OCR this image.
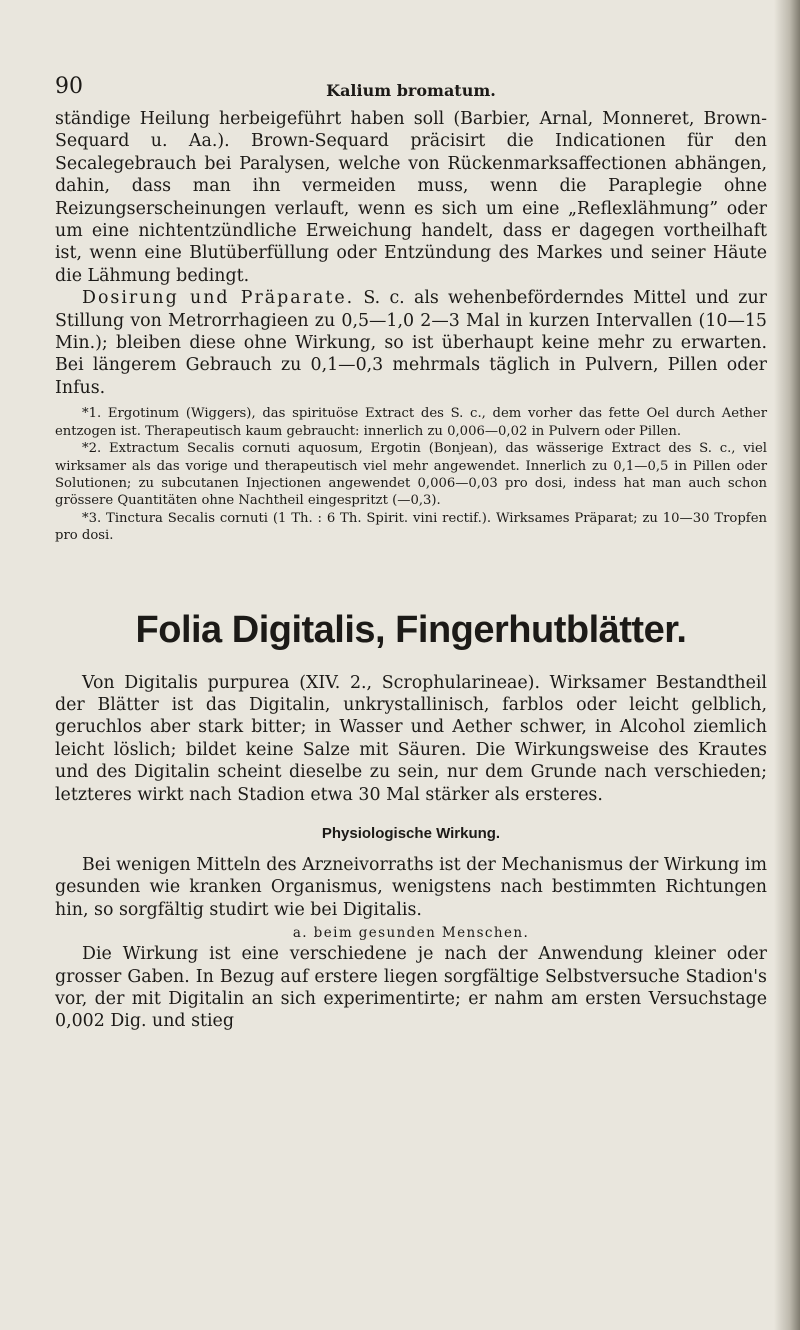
90	Kalium bromatum.

ständige Heilung herbeigeführt haben soll (Barbier, Arnal, Monneret, Brown-Sequard u. Aa.). Brown-Sequard präcisirt die Indicationen für den Secalegebrauch bei Paralysen, welche von Rückenmarksaffectionen abhängen, dahin, dass man ihn vermeiden muss, wenn die Paraplegie ohne Reizungserscheinungen verlauft, wenn es sich um eine „Reflexlähmung” oder um eine nichtentzündliche Erweichung handelt, dass er dagegen vortheilhaft ist, wenn eine Blutüberfüllung oder Entzündung des Markes und seiner Häute die Lähmung bedingt.

Dosirung und Präparate. S. c. als wehenbeförderndes Mittel und zur Stillung von Metrorrhagieen zu 0,5—1,0 2—3 Mal in kurzen Intervallen (10—15 Min.); bleiben diese ohne Wirkung, so ist überhaupt keine mehr zu erwarten. Bei längerem Gebrauch zu 0,1—0,3 mehrmals täglich in Pulvern, Pillen oder Infus.

*1. Ergotinum (Wiggers), das spirituöse Extract des S. c., dem vorher das fette Oel durch Aether entzogen ist. Therapeutisch kaum gebraucht: innerlich zu 0,006—0,02 in Pulvern oder Pillen.

*2. Extractum Secalis cornuti aquosum, Ergotin (Bonjean), das wässerige Extract des S. c., viel wirksamer als das vorige und therapeutisch viel mehr angewendet. Innerlich zu 0,1—0,5 in Pillen oder Solutionen; zu subcutanen Injectionen angewendet 0,006—0,03 pro dosi, indess hat man auch schon grössere Quantitäten ohne Nachtheil eingespritzt (—0,3).

*3. Tinctura Secalis cornuti (1 Th. : 6 Th. Spirit. vini rectif.). Wirksames Präparat; zu 10—30 Tropfen pro dosi.

Folia Digitalis, Fingerhutblätter.

Von Digitalis purpurea (XIV. 2., Scrophularineae). Wirksamer Bestandtheil der Blätter ist das Digitalin, unkrystallinisch, farblos oder leicht gelblich, geruchlos aber stark bitter; in Wasser und Aether schwer, in Alcohol ziemlich leicht löslich; bildet keine Salze mit Säuren. Die Wirkungsweise des Krautes und des Digitalin scheint dieselbe zu sein, nur dem Grunde nach verschieden; letzteres wirkt nach Stadion etwa 30 Mal stärker als ersteres.

Physiologische Wirkung.

Bei wenigen Mitteln des Arzneivorraths ist der Mechanismus der Wirkung im gesunden wie kranken Organismus, wenigstens nach bestimmten Richtungen hin, so sorgfältig studirt wie bei Digitalis.

a. beim gesunden Menschen.

Die Wirkung ist eine verschiedene je nach der Anwendung kleiner oder grosser Gaben. In Bezug auf erstere liegen sorgfältige Selbstversuche Stadion's vor, der mit Digitalin an sich experimentirte; er nahm am ersten Versuchstage 0,002 Dig. und stieg
